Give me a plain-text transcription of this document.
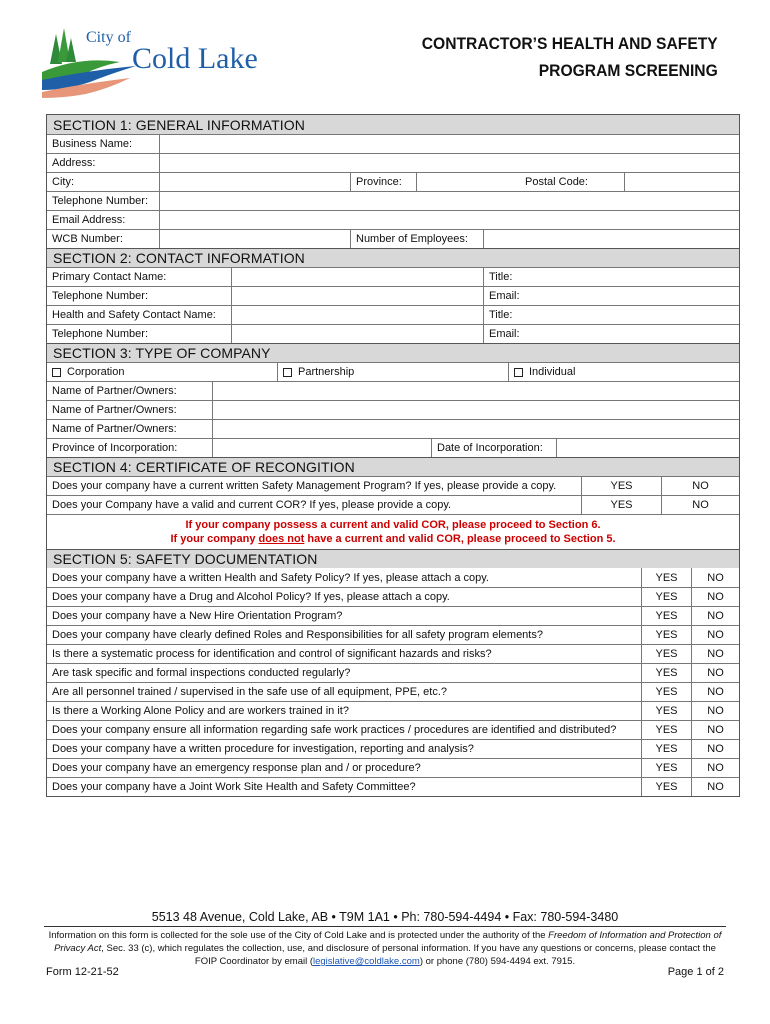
City of
Cold Lake	CONTRACTOR’S HEALTH AND SAFETY
PROGRAM SCREENING
SECTION 1: GENERAL INFORMATION
Business Name:
Address:
City:	Province:	Postal Code:
Telephone Number:
Email Address:
WCB Number:	Number of Employees:
SECTION 2: CONTACT INFORMATION
Primary Contact Name:	Title:
Telephone Number:	Email:
Health and Safety Contact Name:	Title:
Telephone Number:	Email:
SECTION 3: TYPE OF COMPANY
Corporation	Partnership	Individual
Name of Partner/Owners:
Name of Partner/Owners:
Name of Partner/Owners:
Province of Incorporation:	Date of Incorporation:
SECTION 4: CERTIFICATE OF RECONGITION
Does your company have a current written Safety Management Program? If yes, please provide a copy.	YES	NO
Does your Company have a valid and current COR? If yes, please provide a copy.	YES	NO
If your company possess a current and valid COR, please proceed to Section 6.
If your company does not have a current and valid COR, please proceed to Section 5.
SECTION 5: SAFETY DOCUMENTATION
Does your company have a written Health and Safety Policy? If yes, please attach a copy.	YES	NO
Does your company have a Drug and Alcohol Policy? If yes, please attach a copy.	YES	NO
Does your company have a New Hire Orientation Program?	YES	NO
Does your company have clearly defined Roles and Responsibilities for all safety program elements?	YES	NO
Is there a systematic process for identification and control of significant hazards and risks?	YES	NO
Are task specific and formal inspections conducted regularly?	YES	NO
Are all personnel trained / supervised in the safe use of all equipment, PPE, etc.?	YES	NO
Is there a Working Alone Policy and are workers trained in it?	YES	NO
Does your company ensure all information regarding safe work practices / procedures are identified and distributed?	YES	NO
Does your company have a written procedure for investigation, reporting and analysis?	YES	NO
Does your company have an emergency response plan and / or procedure?	YES	NO
Does your company have a Joint Work Site Health and Safety Committee?	YES	NO
5513 48 Avenue, Cold Lake, AB • T9M 1A1 • Ph: 780-594-4494 • Fax: 780-594-3480
Information on this form is collected for the sole use of the City of Cold Lake and is protected under the authority of the Freedom of Information and Protection of Privacy Act, Sec. 33 (c), which regulates the collection, use, and disclosure of personal information. If you have any questions or concerns, please contact the FOIP Coordinator by email (legislative@coldlake.com) or phone (780) 594-4494 ext. 7915.
Form 12-21-52	Page 1 of 2
